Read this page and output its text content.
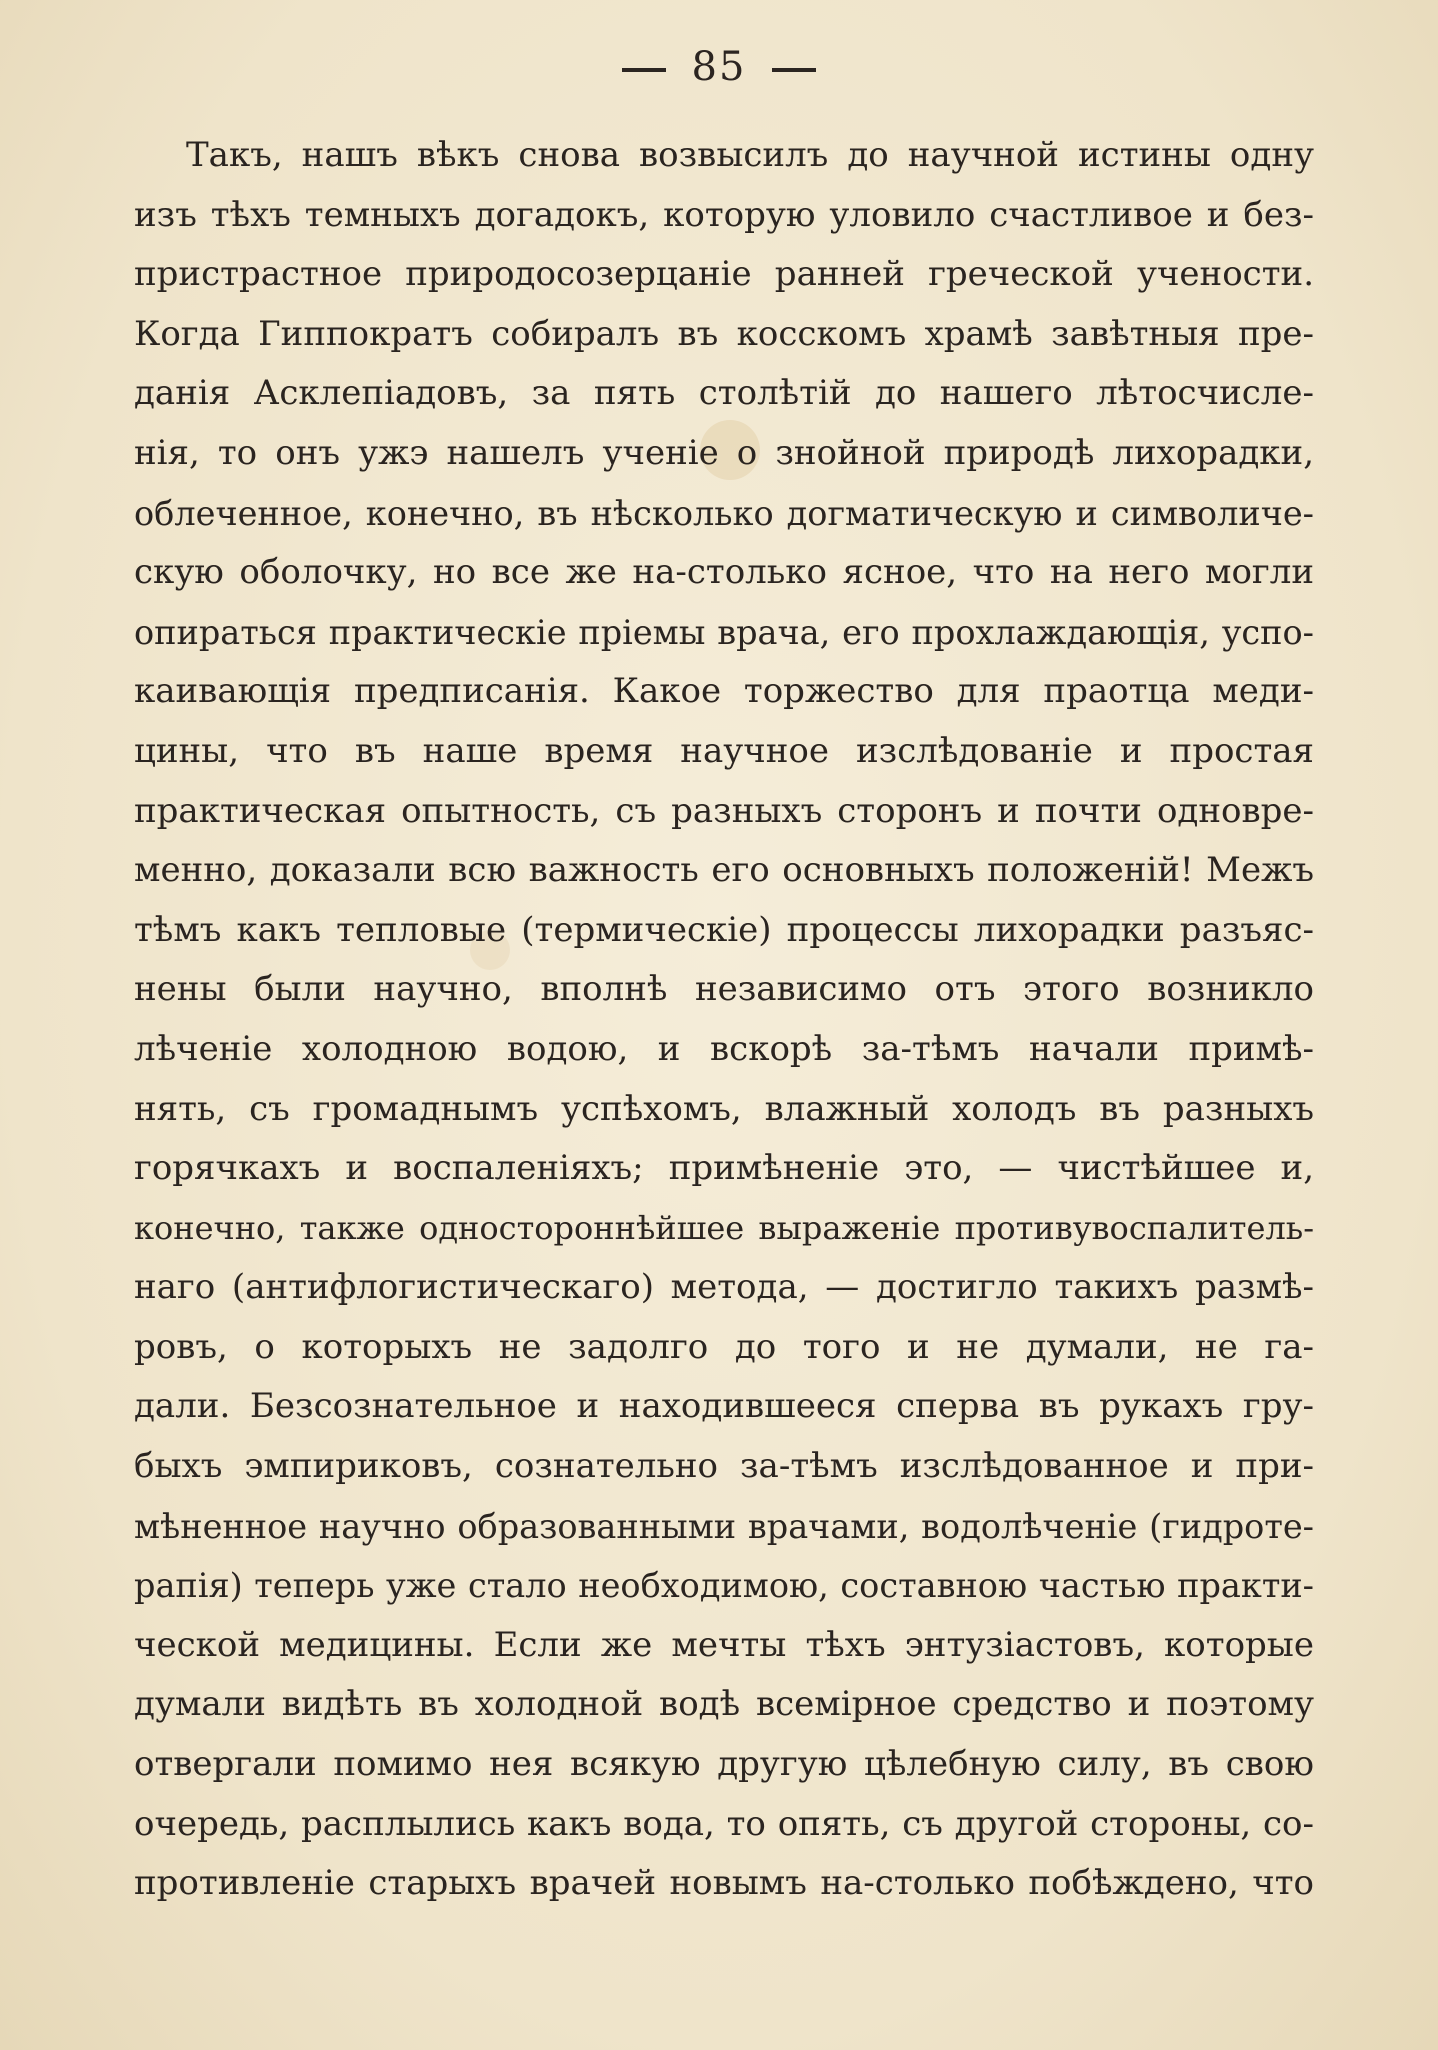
85
Такъ, нашъ вѣкъ снова возвысилъ до научной истины одну
изъ тѣхъ темныхъ догадокъ, которую уловило счастливое и без-
пристрастное природосозерцаніе ранней греческой учености.
Когда Гиппократъ собиралъ въ косскомъ храмѣ завѣтныя пре-
данія Асклепіадовъ, за пять столѣтій до нашего лѣтосчисле-
нія, то онъ ужэ нашелъ ученіе о знойной природѣ лихорадки,
облеченное, конечно, въ нѣсколько догматическую и символиче-
скую оболочку, но все же на-столько ясное, что на него могли
опираться практическіе пріемы врача, его прохлаждающія, успо-
каивающія предписанія. Какое торжество для праотца меди-
цины, что въ наше время научное изслѣдованіе и простая
практическая опытность, съ разныхъ сторонъ и почти одновре-
менно, доказали всю важность его основныхъ положеній! Межъ
тѣмъ какъ тепловые (термическіе) процессы лихорадки разъяс-
нены были научно, вполнѣ независимо отъ этого возникло
лѣченіе холодною водою, и вскорѣ за-тѣмъ начали примѣ-
нять, съ громаднымъ успѣхомъ, влажный холодъ въ разныхъ
горячкахъ и воспаленіяхъ; примѣненіе это, — чистѣйшее и,
конечно, также одностороннѣйшее выраженіе противувоспалитель-
наго (антифлогистическаго) метода, — достигло такихъ размѣ-
ровъ, о которыхъ не задолго до того и не думали, не га-
дали. Безсознательное и находившееся сперва въ рукахъ гру-
быхъ эмпириковъ, сознательно за-тѣмъ изслѣдованное и при-
мѣненное научно образованными врачами, водолѣченіе (гидроте-
рапія) теперь уже стало необходимою, составною частью практи-
ческой медицины. Если же мечты тѣхъ энтузіастовъ, которые
думали видѣть въ холодной водѣ всемірное средство и поэтому
отвергали помимо нея всякую другую цѣлебную силу, въ свою
очередь, расплылись какъ вода, то опять, съ другой стороны, со-
противленіе старыхъ врачей новымъ на-столько побѣждено, что
